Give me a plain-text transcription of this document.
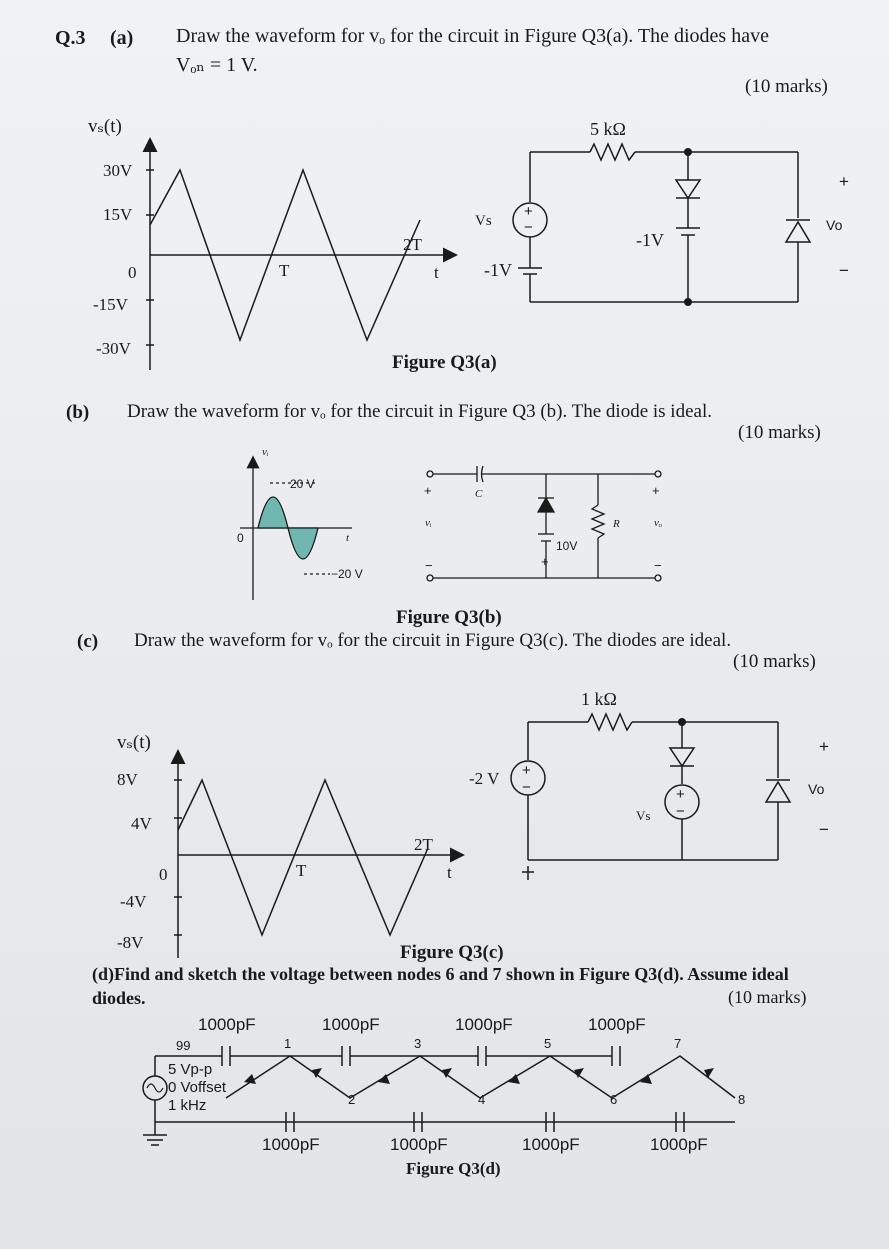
Q.3 (a) Draw the waveform for vₒ for the circuit in Figure Q3(a). The diodes have
Vₒₙ = 1 V.
(10 marks)
vₛ(t)
30V
15V
0
-15V
-30V
T
2T
t
+
−
5 kΩ
Vs
-1V
-1V
+
Vo
−
Figure Q3(a)
vᵢ
20 V
−20 V
0	t
+
vᵢ
−
C
10V
+
R
+
vₒ
−
vₛ(t)
8V
4V
0
-4V
-8V
T
2T
t
+
−	+
−
1 kΩ
-2 V
Vs
+
Vo
−
1000pF	1000pF	1000pF	1000pF
1000pF	1000pF	1000pF	1000pF
99	1
2
3
4
5
6
7
8
5 Vp-p
0 Voffset
1 kHz
Figure Q3(d)
(b) Draw the waveform for vₒ for the circuit in Figure Q3 (b). The diode is ideal.
(10 marks)
Figure Q3(b)
(c) Draw the waveform for vₒ for the circuit in Figure Q3(c). The diodes are ideal.
(10 marks)
Figure Q3(c)
(d)Find and sketch the voltage between nodes 6 and 7 shown in Figure Q3(d). Assume ideal
diodes.	(10 marks)
